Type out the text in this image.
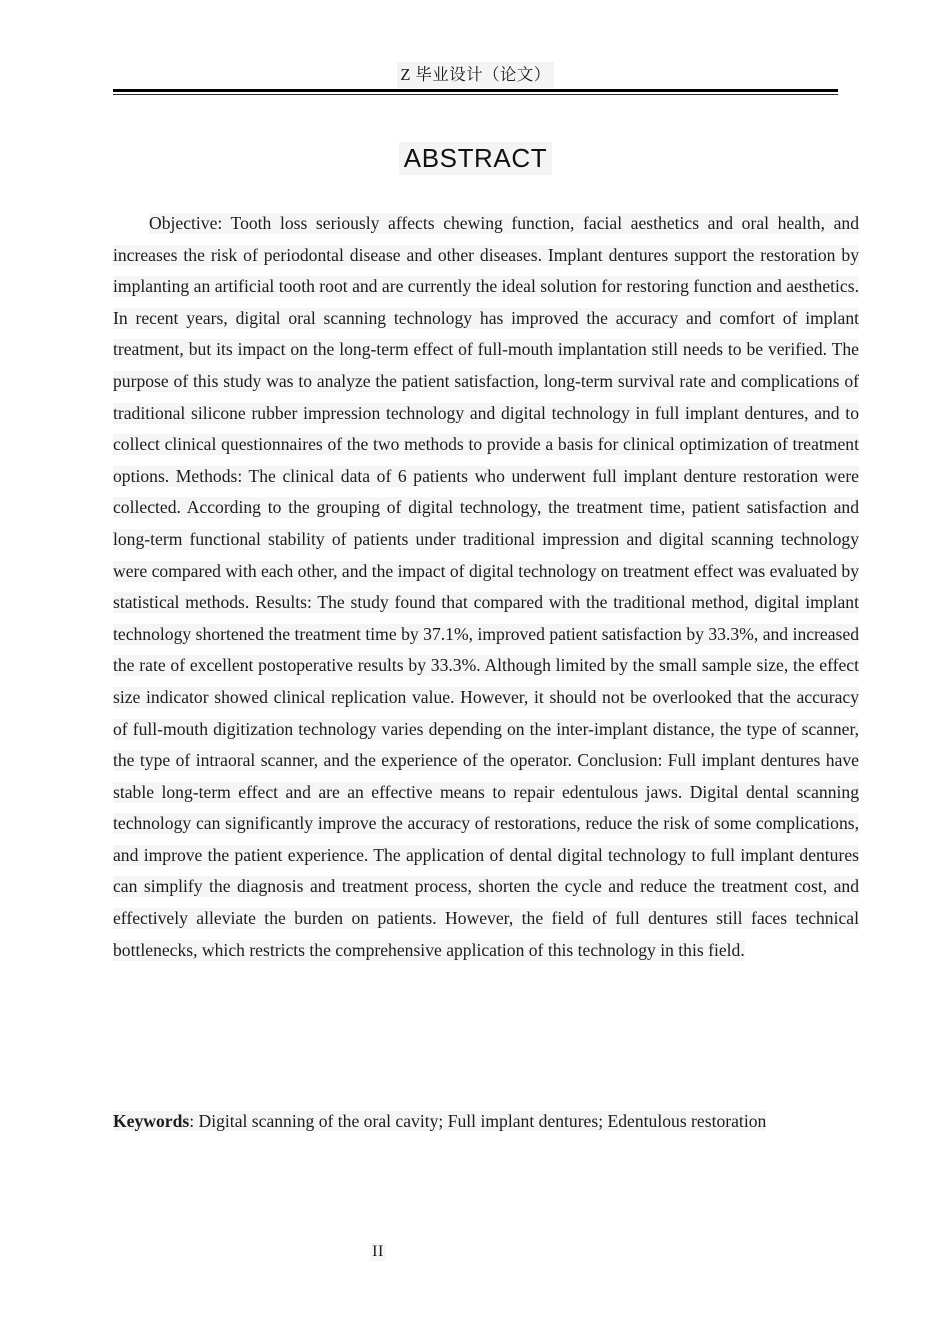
Z 毕业设计（论文）
ABSTRACT

Objective: Tooth loss seriously affects chewing function, facial aesthetics and oral health, and increases the risk of periodontal disease and other diseases. Implant dentures support the restoration by implanting an artificial tooth root and are currently the ideal solution for restoring function and aesthetics. In recent years, digital oral scanning technology has improved the accuracy and comfort of implant treatment, but its impact on the long-term effect of full-mouth implantation still needs to be verified. The purpose of this study was to analyze the patient satisfaction, long-term survival rate and complications of traditional silicone rubber impression technology and digital technology in full implant dentures, and to collect clinical questionnaires of the two methods to provide a basis for clinical optimization of treatment options. Methods: The clinical data of 6 patients who underwent full implant denture restoration were collected. According to the grouping of digital technology, the treatment time, patient satisfaction and long-term functional stability of patients under traditional impression and digital scanning technology were compared with each other, and the impact of digital technology on treatment effect was evaluated by statistical methods. Results: The study found that compared with the traditional method, digital implant technology shortened the treatment time by 37.1%, improved patient satisfaction by 33.3%, and increased the rate of excellent postoperative results by 33.3%. Although limited by the small sample size, the effect size indicator showed clinical replication value. However, it should not be overlooked that the accuracy of full-mouth digitization technology varies depending on the inter-implant distance, the type of scanner, the type of intraoral scanner, and the experience of the operator. Conclusion: Full implant dentures have stable long-term effect and are an effective means to repair edentulous jaws. Digital dental scanning technology can significantly improve the accuracy of restorations, reduce the risk of some complications, and improve the patient experience. The application of dental digital technology to full implant dentures can simplify the diagnosis and treatment process, shorten the cycle and reduce the treatment cost, and effectively alleviate the burden on patients. However, the field of full dentures still faces technical bottlenecks, which restricts the comprehensive application of this technology in this field.

Keywords: Digital scanning of the oral cavity; Full implant dentures; Edentulous restoration

II
